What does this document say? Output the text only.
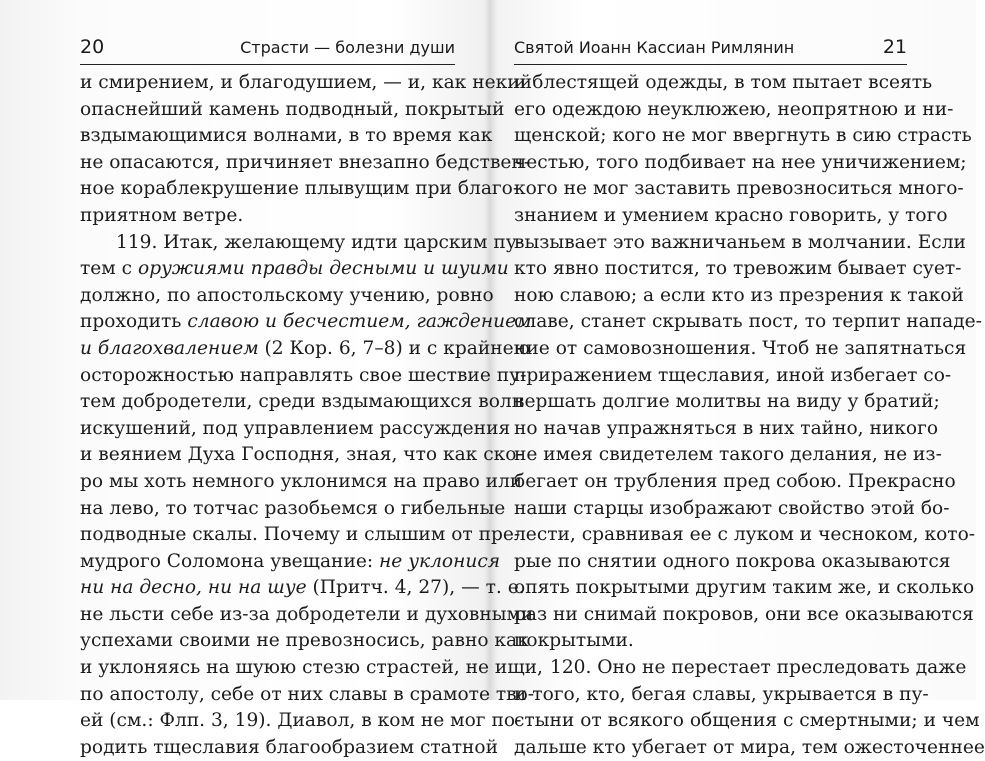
20	Страсти — болезни души
и смирением, и благодушием, — и, как некий
опаснейший камень подводный, покрытый
вздымающимися волнами, в то время как
не опасаются, причиняет внезапно бедствен-
ное кораблекрушение плывущим при благо-
приятном ветре.
119. Итак, желающему идти царским пу-
тем с оружиями правды десными и шуими
должно, по апостольскому учению, ровно
проходить славою и бесчестием, гаждением
и благохвалением (2 Кор. 6, 7–8) и с крайнею
осторожностью направлять свое шествие пу-
тем добродетели, среди вздымающихся волн
искушений, под управлением рассуждения
и веянием Духа Господня, зная, что как ско-
ро мы хоть немного уклонимся на право или
на лево, то тотчас разобьемся о гибельные
подводные скалы. Почему и слышим от пре-
мудрого Соломона увещание: не уклонися
ни на десно, ни на шуе (Притч. 4, 27), — т. е.
не льсти себе из-за добродетели и духовными
успехами своими не превозносись, равно как
и уклоняясь на шуюю стезю страстей, не ищи,
по апостолу, себе от них славы в срамоте тво-
ей (см.: Флп. 3, 19). Диавол, в ком не мог по-
родить тщеславия благообразием статной
Святой Иоанн Кассиан Римлянин	21
и блестящей одежды, в том пытает всеять
его одеждою неуклюжею, неопрятною и ни-
щенской; кого не мог ввергнуть в сию страсть
честью, того подбивает на нее уничижением;
кого не мог заставить превозноситься много-
знанием и умением красно говорить, у того
вызывает это важничаньем в молчании. Если
кто явно постится, то тревожим бывает сует-
ною славою; а если кто из презрения к такой
славе, станет скрывать пост, то терпит нападе-
ние от самовозношения. Чтоб не запятнаться
приражением тщеславия, иной избегает со-
вершать долгие молитвы на виду у братий;
но начав упражняться в них тайно, никого
не имея свидетелем такого делания, не из-
бегает он трубления пред собою. Прекрасно
наши старцы изображают свойство этой бо-
лести, сравнивая ее с луком и чесноком, кото-
рые по снятии одного покрова оказываются
опять покрытыми другим таким же, и сколько
раз ни снимай покровов, они все оказываются
покрытыми.
120. Оно не перестает преследовать даже
и того, кто, бегая славы, укрывается в пу-
стыни от всякого общения с смертными; и чем
дальше кто убегает от мира, тем ожесточеннее
